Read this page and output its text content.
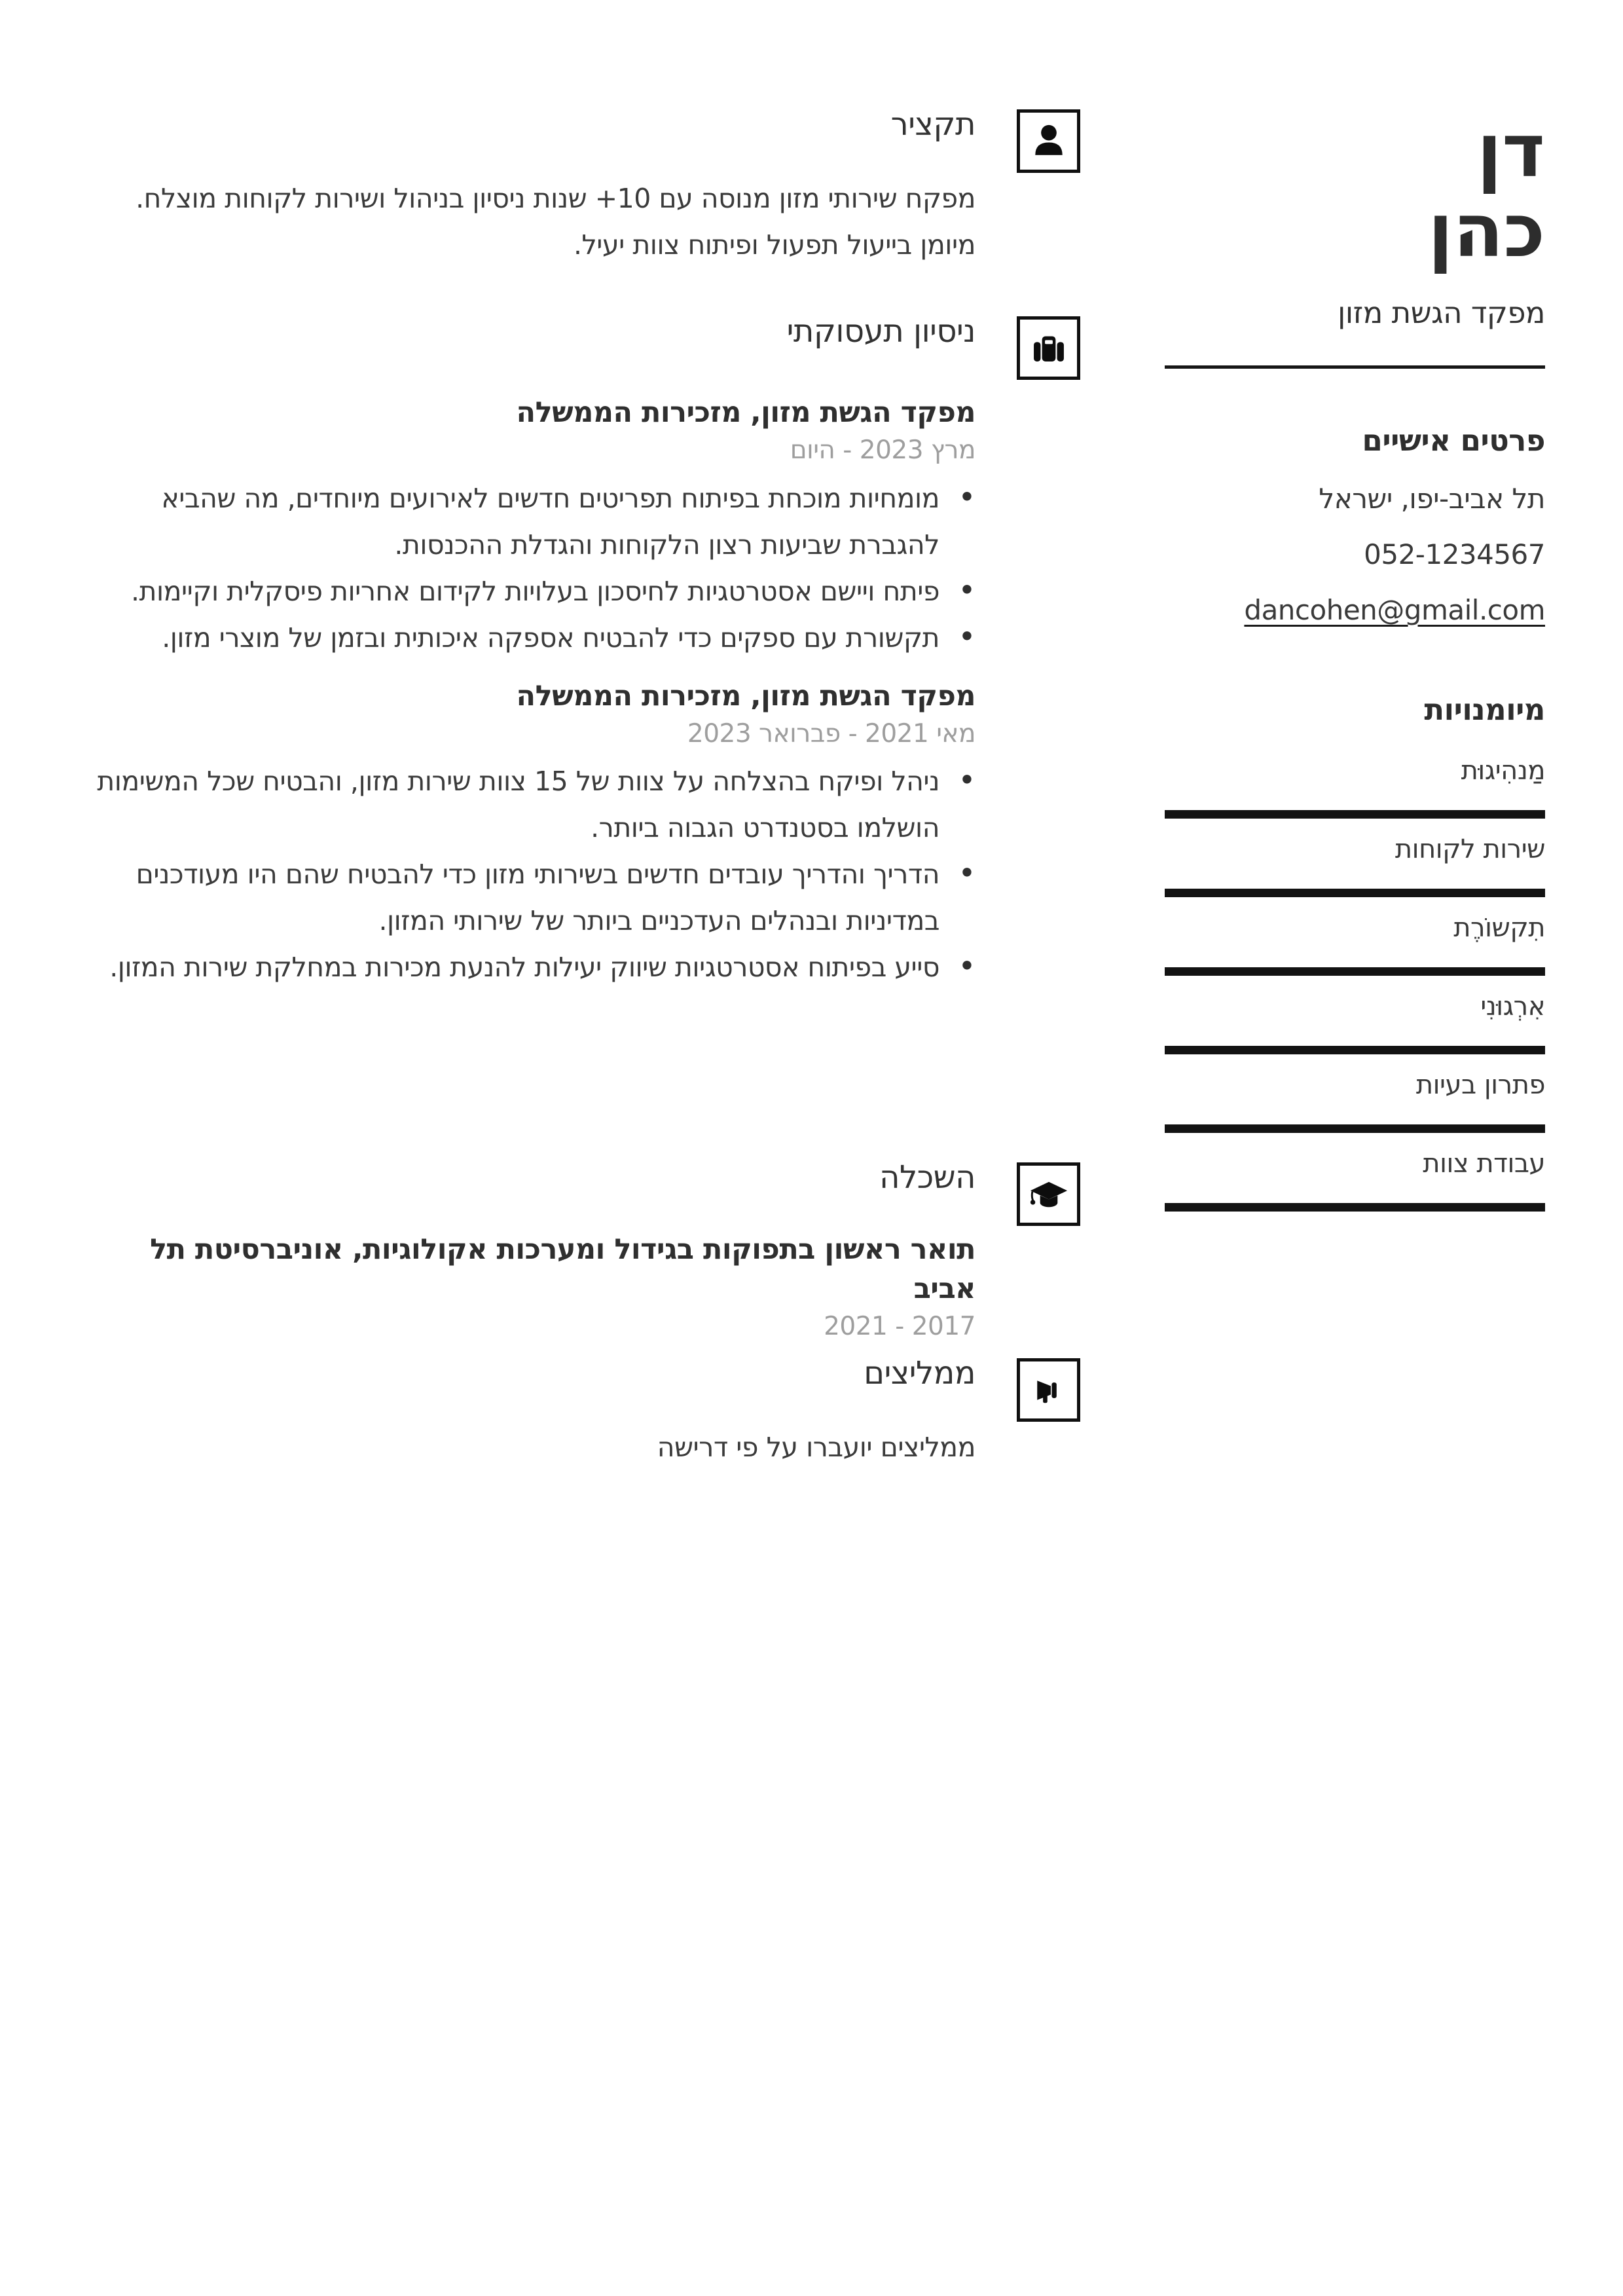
תקציר

מפקח שירותי מזון מנוסה עם 10+ שנות ניסיון בניהול ושירות לקוחות מוצלח. מיומן בייעול תפעול ופיתוח צוות יעיל.

ניסיון תעסוקתי

מפקד הגשת מזון, מזכירות הממשלה

מרץ 2023 - היום

• מומחיות מוכחת בפיתוח תפריטים חדשים לאירועים מיוחדים, מה שהביא להגברת שביעות רצון הלקוחות והגדלת ההכנסות.
• פיתח ויישם אסטרטגיות לחיסכון בעלויות לקידום אחריות פיסקלית וקיימות.
• תקשורת עם ספקים כדי להבטיח אספקה איכותית ובזמן של מוצרי מזון.

מפקד הגשת מזון, מזכירות הממשלה

מאי 2021 - פברואר 2023

• ניהל ופיקח בהצלחה על צוות של 15 צוות שירות מזון, והבטיח שכל המשימות הושלמו בסטנדרט הגבוה ביותר.
• הדריך והדריך עובדים חדשים בשירותי מזון כדי להבטיח שהם היו מעודכנים במדיניות ובנהלים העדכניים ביותר של שירותי המזון.
• סייע בפיתוח אסטרטגיות שיווק יעילות להנעת מכירות במחלקת שירות המזון.
השכלה

תואר ראשון בתפוקות בגידול ומערכות אקולוגיות, אוניברסיטת תל אביב

2017 - 2021

ממליצים

ממליצים יועברו על פי דרישה

דן
כהן

מפקד הגשת מזון

פרטים אישיים

תל אביב-יפו, ישראל

052-1234567

dancohen@gmail.com

מיומנויות

מַנהִיגוּת

שירות לקוחות

תִקשוֹרֶת

אִרְגוּנִי

פתרון בעיות

עבודת צוות
